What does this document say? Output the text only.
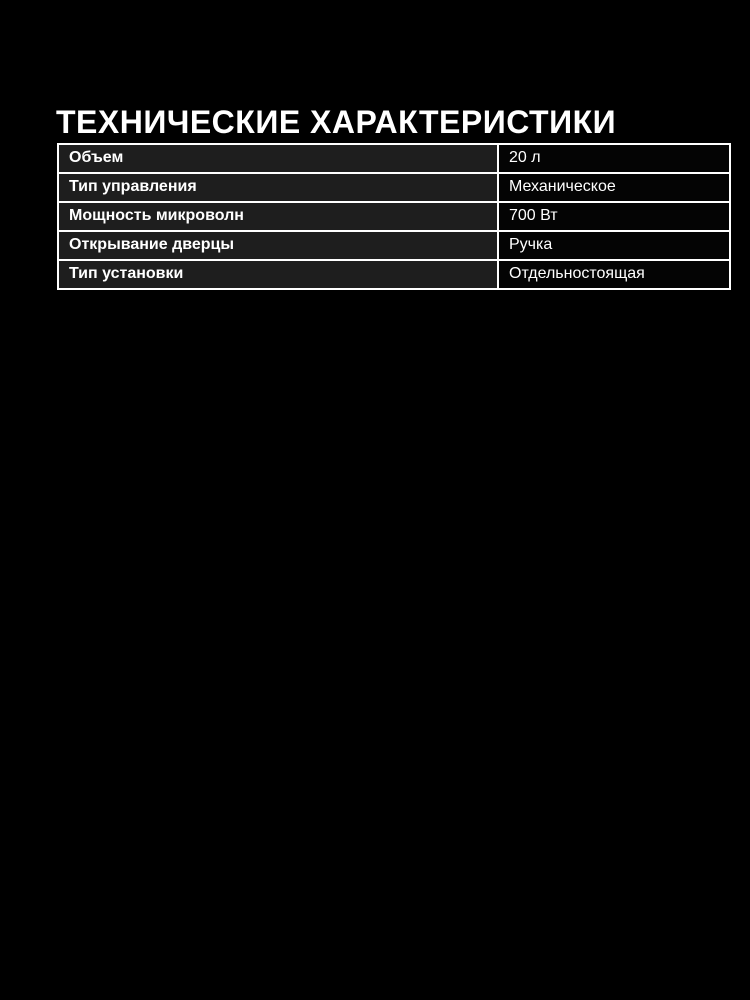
ТЕХНИЧЕСКИЕ ХАРАКТЕРИСТИКИ
Объем	20 л
Тип управления	Механическое
Мощность микроволн	700 Вт
Открывание дверцы	Ручка
Тип установки	Отдельностоящая
